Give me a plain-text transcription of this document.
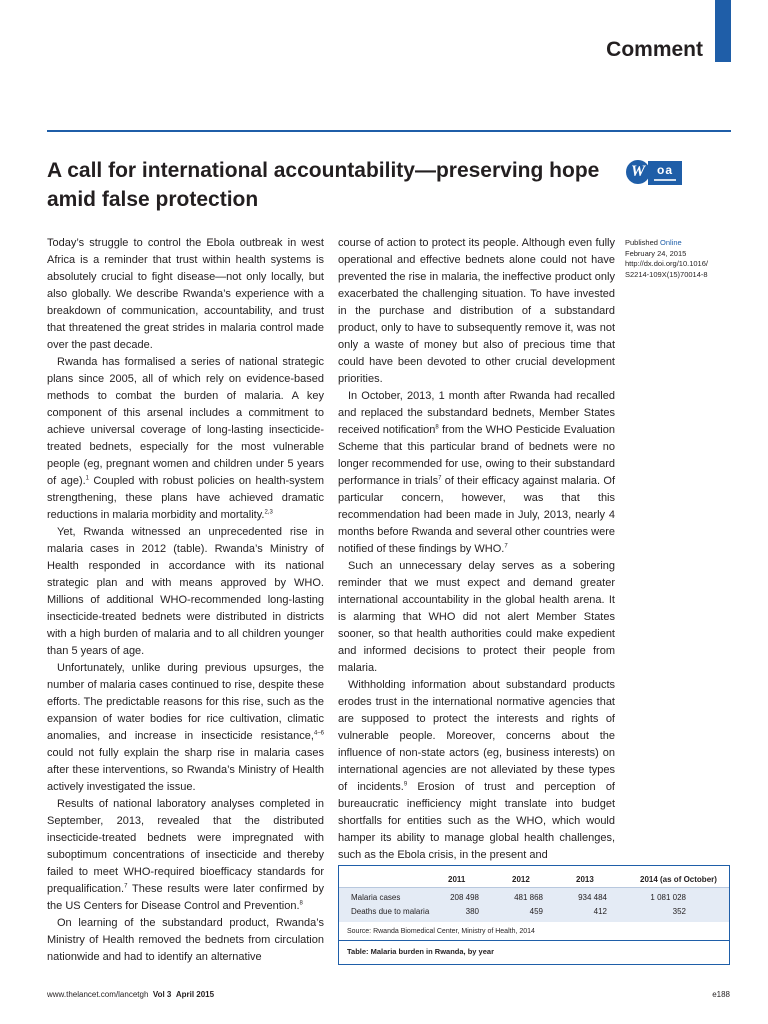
Comment
A call for international accountability—preserving hope amid false protection
W oa

Today’s struggle to control the Ebola outbreak in west Africa is a reminder that trust within health systems is absolutely crucial to fight disease—not only locally, but also globally. We describe Rwanda’s experience with a breakdown of communication, accountability, and trust that threatened the great strides in malaria control made over the past decade.

Rwanda has formalised a series of national strategic plans since 2005, all of which rely on evidence-based methods to combat the burden of malaria. A key component of this arsenal includes a commitment to achieve universal coverage of long-lasting insecticide-treated bednets, especially for the most vulnerable people (eg, pregnant women and children under 5 years of age).$^1$ Coupled with robust policies on health-system strengthening, these plans have achieved dramatic reductions in malaria morbidity and mortality.$^{2,3}$

Yet, Rwanda witnessed an unprecedented rise in malaria cases in 2012 (table). Rwanda’s Ministry of Health responded in accordance with its national strategic plan and with means approved by WHO. Millions of additional WHO-recommended long-lasting insecticide-treated bednets were distributed in districts with a high burden of malaria and to all children younger than 5 years of age.

Unfortunately, unlike during previous upsurges, the number of malaria cases continued to rise, despite these efforts. The predictable reasons for this rise, such as the expansion of water bodies for rice cultivation, climatic anomalies, and increase in insecticide resistance,$^{4-6}$ could not fully explain the sharp rise in malaria cases after these interventions, so Rwanda’s Ministry of Health actively investigated the issue.

Results of national laboratory analyses completed in September, 2013, revealed that the distributed insecticide-treated bednets were impregnated with suboptimum concentrations of insecticide and thereby failed to meet WHO-required bioefficacy standards for prequalification.$^7$ These results were later confirmed by the US Centers for Disease Control and Prevention.$^8$

On learning of the substandard product, Rwanda’s Ministry of Health removed the bednets from circulation nationwide and had to identify an alternative

course of action to protect its people. Although even fully operational and effective bednets alone could not have prevented the rise in malaria, the ineffective product only exacerbated the challenging situation. To have invested in the purchase and distribution of a substandard product, only to have to subsequently remove it, was not only a waste of money but also of precious time that could have been devoted to other crucial development priorities.

In October, 2013, 1 month after Rwanda had recalled and replaced the substandard bednets, Member States received notification$^8$ from the WHO Pesticide Evaluation Scheme that this particular brand of bednets were no longer recommended for use, owing to their substandard performance in trials$^7$ of their efficacy against malaria. Of particular concern, however, was that this recommendation had been made in July, 2013, nearly 4 months before Rwanda and several other countries were notified of these findings by WHO.$^7$

Such an unnecessary delay serves as a sobering reminder that we must expect and demand greater international accountability in the global health arena. It is alarming that WHO did not alert Member States sooner, so that health authorities could make expedient and informed decisions to protect their people from malaria.

Withholding information about substandard products erodes trust in the international normative agencies that are supposed to protect the interests and rights of vulnerable people. Moreover, concerns about the influence of non-state actors (eg, business interests) on international agencies are not alleviated by these types of incidents.$^9$ Erosion of trust and perception of bureaucratic inefficiency might translate into budget shortfalls for entities such as the WHO, which would hamper its ability to manage global health challenges, such as the Ebola crisis, in the present and

Published Online
February 24, 2015
http://dx.doi.org/10.1016/
S2214-109X(15)70014-8
2011	2012	2013	2014 (as of October)
Malaria cases	208 498	481 868	934 484	1 081 028
Deaths due to malaria	380	459	412	352
Source: Rwanda Biomedical Center, Ministry of Health, 2014
Table: Malaria burden in Rwanda, by year
www.thelancet.com/lancetgh Vol 3 April 2015	e188
